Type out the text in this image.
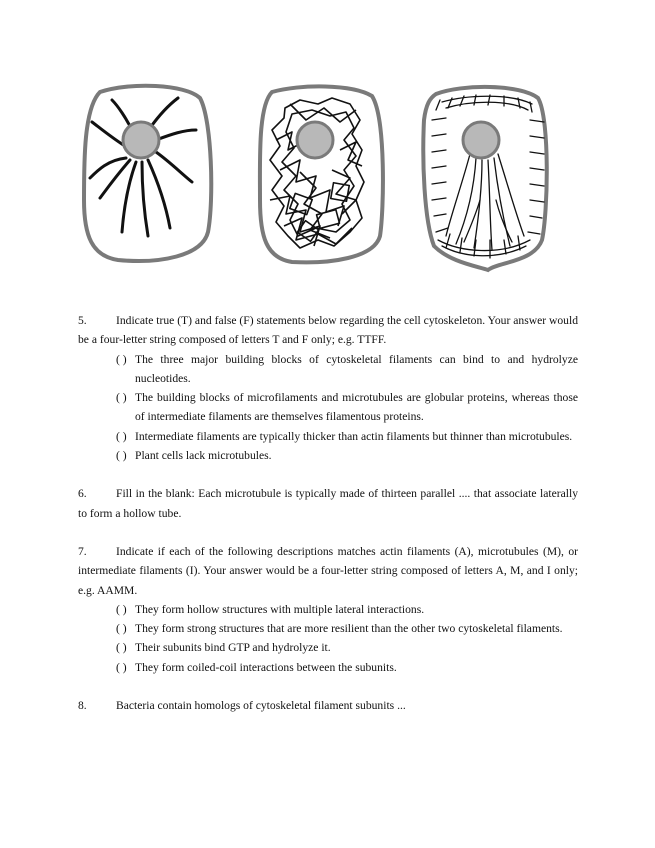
5.	Indicate true (T) and false (F) statements below regarding the cell cytoskeleton. Your answer would be a four-letter string composed of letters T and F only; e.g. TTFF.

( ) The three major building blocks of cytoskeletal filaments can bind to and hydrolyze nucleotides.
( ) The building blocks of microfilaments and microtubules are globular proteins, whereas those of intermediate filaments are themselves filamentous proteins.
( ) Intermediate filaments are typically thicker than actin filaments but thinner than microtubules.
( ) Plant cells lack microtubules.

6.	Fill in the blank: Each microtubule is typically made of thirteen parallel .... that associate laterally to form a hollow tube.

7.	Indicate if each of the following descriptions matches actin filaments (A), microtubules (M), or intermediate filaments (I). Your answer would be a four-letter string composed of letters A, M, and I only; e.g. AAMM.

( ) They form hollow structures with multiple lateral interactions.
( ) They form strong structures that are more resilient than the other two cytoskeletal filaments.
( ) Their subunits bind GTP and hydrolyze it.
( ) They form coiled-coil interactions between the subunits.

8.	Bacteria contain homologs of cytoskeletal filament subunits ...
